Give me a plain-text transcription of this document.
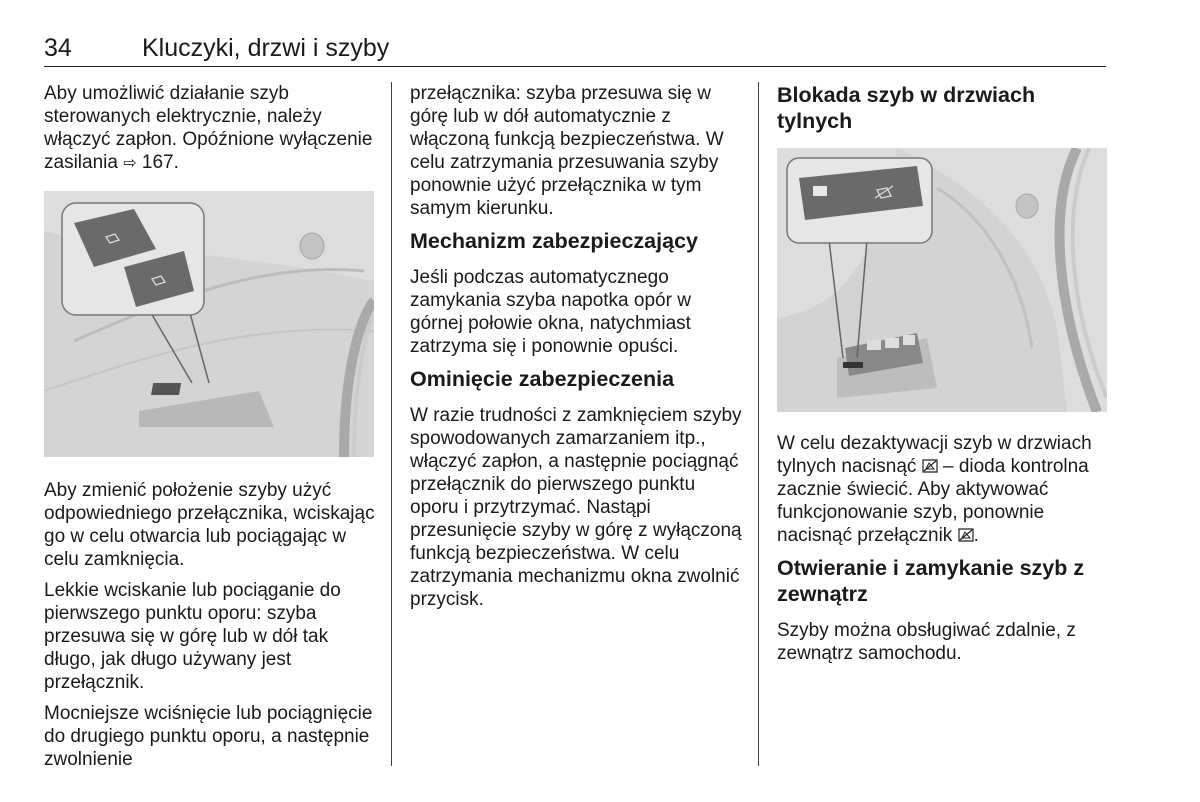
34	Kluczyki, drzwi i szyby

Aby umożliwić działanie szyb sterowanych elektrycznie, należy włączyć zapłon. Opóźnione wyłączenie zasilania ⇨ 167.

Aby zmienić położenie szyby użyć odpowiedniego przełącznika, wciskając go w celu otwarcia lub pociągając w celu zamknięcia.

Lekkie wciskanie lub pociąganie do pierwszego punktu oporu: szyba przesuwa się w górę lub w dół tak długo, jak długo używany jest przełącznik.

Mocniejsze wciśnięcie lub pociągnięcie do drugiego punktu oporu, a następnie zwolnienie

przełącznika: szyba przesuwa się w górę lub w dół automatycznie z włączoną funkcją bezpieczeństwa. W celu zatrzymania przesuwania szyby ponownie użyć przełącznika w tym samym kierunku.

Mechanizm zabezpieczający

Jeśli podczas automatycznego zamykania szyba napotka opór w górnej połowie okna, natychmiast zatrzyma się i ponownie opuści.

Ominięcie zabezpieczenia

W razie trudności z zamknięciem szyby spowodowanych zamarzaniem itp., włączyć zapłon, a następnie pociągnąć przełącznik do pierwszego punktu oporu i przytrzymać. Nastąpi przesunięcie szyby w górę z wyłączoną funkcją bezpieczeństwa. W celu zatrzymania mechanizmu okna zwolnić przycisk.

Blokada szyb w drzwiach tylnych

W celu dezaktywacji szyb w drzwiach tylnych nacisnąć – dioda kontrolna zacznie świecić. Aby aktywować funkcjonowanie szyb, ponownie nacisnąć przełącznik .

Otwieranie i zamykanie szyb z zewnątrz

Szyby można obsługiwać zdalnie, z zewnątrz samochodu.
